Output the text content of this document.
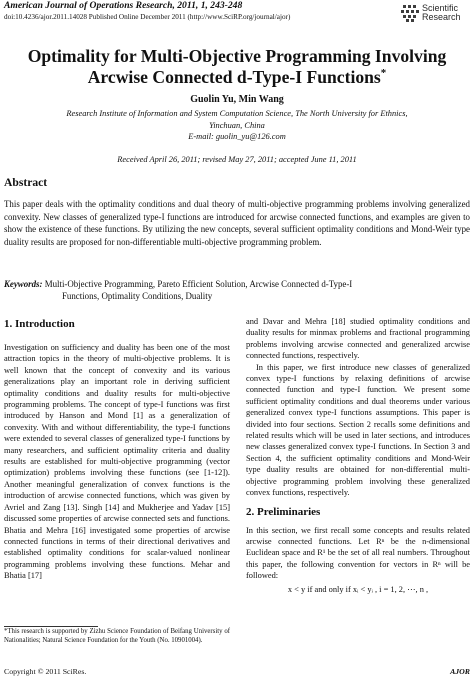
American Journal of Operations Research, 2011, 1, 243-248
doi:10.4236/ajor.2011.14028 Published Online December 2011 (http://www.SciRP.org/journal/ajor)
Scientific
Research
Optimality for Multi-Objective Programming Involving
Arcwise Connected d-Type-I Functions*
Guolin Yu, Min Wang
Research Institute of Information and System Computation Science, The North University for Ethnics,
Yinchuan, China
E-mail: guolin_yu@126.com
Received April 26, 2011; revised May 27, 2011; accepted June 11, 2011
Abstract
This paper deals with the optimality conditions and dual theory of multi-objective programming problems involving generalized convexity. New classes of generalized type-I functions are introduced for arcwise connected functions, and examples are given to show the existence of these functions. By utilizing the new concepts, several sufficient optimality conditions and Mond-Weir type duality results are proposed for non-differentiable multi-objective programming problem.
Keywords: Multi-Objective Programming, Pareto Efficient Solution, Arcwise Connected d-Type-I
Functions, Optimality Conditions, Duality
1. Introduction
Investigation on sufficiency and duality has been one of the most attraction topics in the theory of multi-objective problems. It is well known that the concept of convexity and its various generalizations play an important role in deriving sufficient optimality conditions and duality results for multi-objective programming problems. The concept of type-I functions was first introduced by Hanson and Mond [1] as a generalization of convexity. With and without differentiability, the type-I functions were extended to several classes of generalized type-I functions by many researchers, and sufficient optimality criteria and duality results are established for multi-objective programming (vector optimization) problems involving these functions (see [1-12]). Another meaningful generalization of convex functions is the introduction of arcwise connected functions, which was given by Avriel and Zang [13]. Singh [14] and Mukherjee and Yadav [15] discussed some properties of arcwise connected sets and functions. Bhatia and Mehra [16] investigated some properties of arcwise connected functions in terms of their directional derivatives and established optimality conditions for scalar-valued nonlinear programming problems involving these functions. Mehar and Bhatia [17]
and Davar and Mehra [18] studied optimality conditions and duality results for minmax problems and fractional programming problems involving arcwise connected and generalized arcwise connected functions, respectively.
In this paper, we first introduce new classes of generalized convex type-I functions by relaxing definitions of arcwise connected function and type-I function. We present some sufficient optimality conditions and dual theorems under various generalized convex type-I functions assumptions. This paper is divided into four sections. Section 2 recalls some definitions and related results which will be used in later sections, and introduces new classes generalized convex type-I functions. In Section 3 and Section 4, the sufficient optimality conditions and Mond-Weir type duality results are obtained for non-differential multi-objective programming problem involving these generalized convex functions, respectively.
2. Preliminaries
In this section, we first recall some concepts and results related arcwise connected functions. Let Rⁿ be the n-dimensional Euclidean space and R¹ be the set of all real numbers. Throughout this paper, the following convention for vectors in Rⁿ will be followed:
x < y if and only if xᵢ < yᵢ , i = 1, 2, ⋯, n ,
*This research is supported by Zizhu Science Foundation of Beifang University of Nationalities; Natural Science Foundation for the Youth (No. 10901004).
Copyright © 2011 SciRes.	AJOR
